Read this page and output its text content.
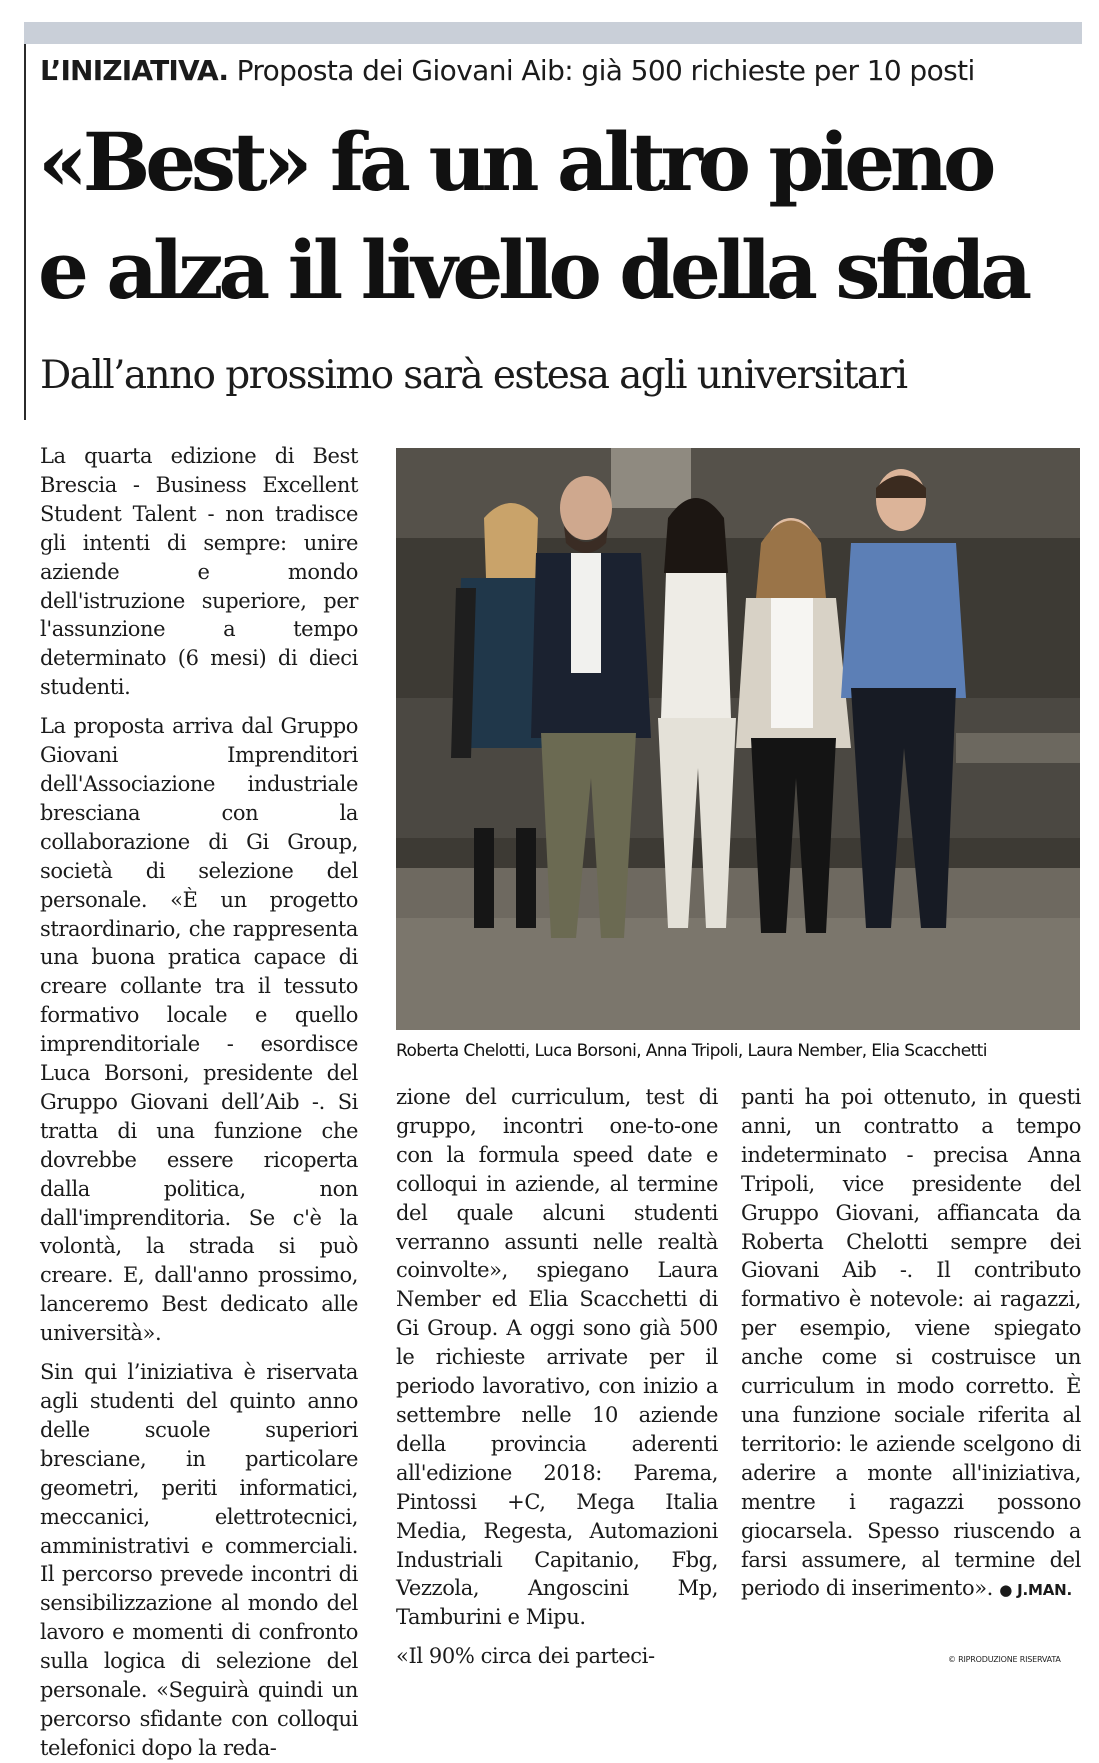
L’INIZIATIVA. Proposta dei Giovani Aib: già 500 richieste per 10 posti
«Best» fa un altro pieno
e alza il livello della sfida
Dall’anno prossimo sarà estesa agli universitari

La quarta edizione di Best Brescia - Business Excellent Student Talent - non tradisce gli intenti di sempre: unire aziende e mondo dell'istruzione superiore, per l'assunzione a tempo determinato (6 mesi) di dieci studenti.

La proposta arriva dal Gruppo Giovani Imprenditori dell'Associazione industriale bresciana con la collaborazione di Gi Group, società di selezione del personale. «È un progetto straordinario, che rappresenta una buona pratica capace di creare collante tra il tessuto formativo locale e quello imprenditoriale - esordisce Luca Borsoni, presidente del Gruppo Giovani dell’Aib -. Si tratta di una funzione che dovrebbe essere ricoperta dalla politica, non dall'imprenditoria. Se c'è la volontà, la strada si può creare. E, dall'anno prossimo, lanceremo Best dedicato alle università».

Sin qui l’iniziativa è riservata agli studenti del quinto anno delle scuole superiori bresciane, in particolare geometri, periti informatici, meccanici, elettrotecnici, amministrativi e commerciali. Il percorso prevede incontri di sensibilizzazione al mondo del lavoro e momenti di confronto sulla logica di selezione del personale. «Seguirà quindi un percorso sfidante con colloqui telefonici dopo la reda-

Roberta Chelotti, Luca Borsoni, Anna Tripoli, Laura Nember, Elia Scacchetti

zione del curriculum, test di gruppo, incontri one-to-one con la formula speed date e colloqui in aziende, al termine del quale alcuni studenti verranno assunti nelle realtà coinvolte», spiegano Laura Nember ed Elia Scacchetti di Gi Group. A oggi sono già 500 le richieste arrivate per il periodo lavorativo, con inizio a settembre nelle 10 aziende della provincia aderenti all'edizione 2018: Parema, Pintossi +C, Mega Italia Media, Regesta, Automazioni Industriali Capitanio, Fbg, Vezzola, Angoscini Mp, Tamburini e Mipu.

«Il 90% circa dei parteci-

panti ha poi ottenuto, in questi anni, un contratto a tempo indeterminato - precisa Anna Tripoli, vice presidente del Gruppo Giovani, affiancata da Roberta Chelotti sempre dei Giovani Aib -. Il contributo formativo è notevole: ai ragazzi, per esempio, viene spiegato anche come si costruisce un curriculum in modo corretto. È una funzione sociale riferita al territorio: le aziende scelgono di aderire a monte all'iniziativa, mentre i ragazzi possono giocarsela. Spesso riuscendo a farsi assumere, al termine del periodo di inserimento». ● J.MAN.

© RIPRODUZIONE RISERVATA
